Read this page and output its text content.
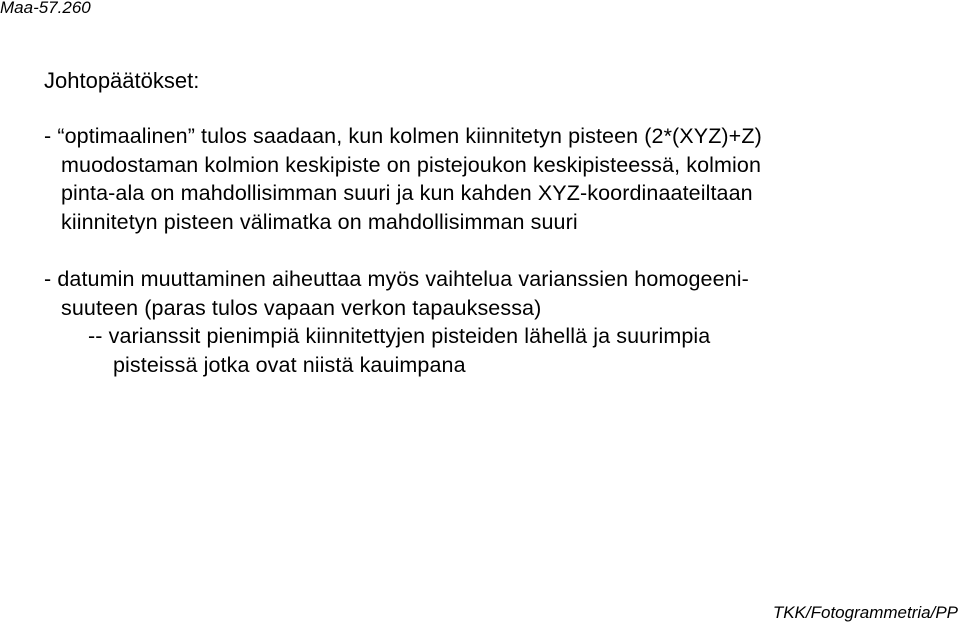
Maa-57.260
Johtopäätökset:
- “optimaalinen” tulos saadaan, kun kolmen kiinnitetyn pisteen (2*(XYZ)+Z)
muodostaman kolmion keskipiste on pistejoukon keskipisteessä, kolmion
pinta-ala on mahdollisimman suuri ja kun kahden XYZ-koordinaateiltaan
kiinnitetyn pisteen välimatka on mahdollisimman suuri
- datumin muuttaminen aiheuttaa myös vaihtelua varianssien homogeeni-
suuteen (paras tulos vapaan verkon tapauksessa)
-- varianssit pienimpiä kiinnitettyjen pisteiden lähellä ja suurimpia
pisteissä jotka ovat niistä kauimpana
TKK/Fotogrammetria/PP
